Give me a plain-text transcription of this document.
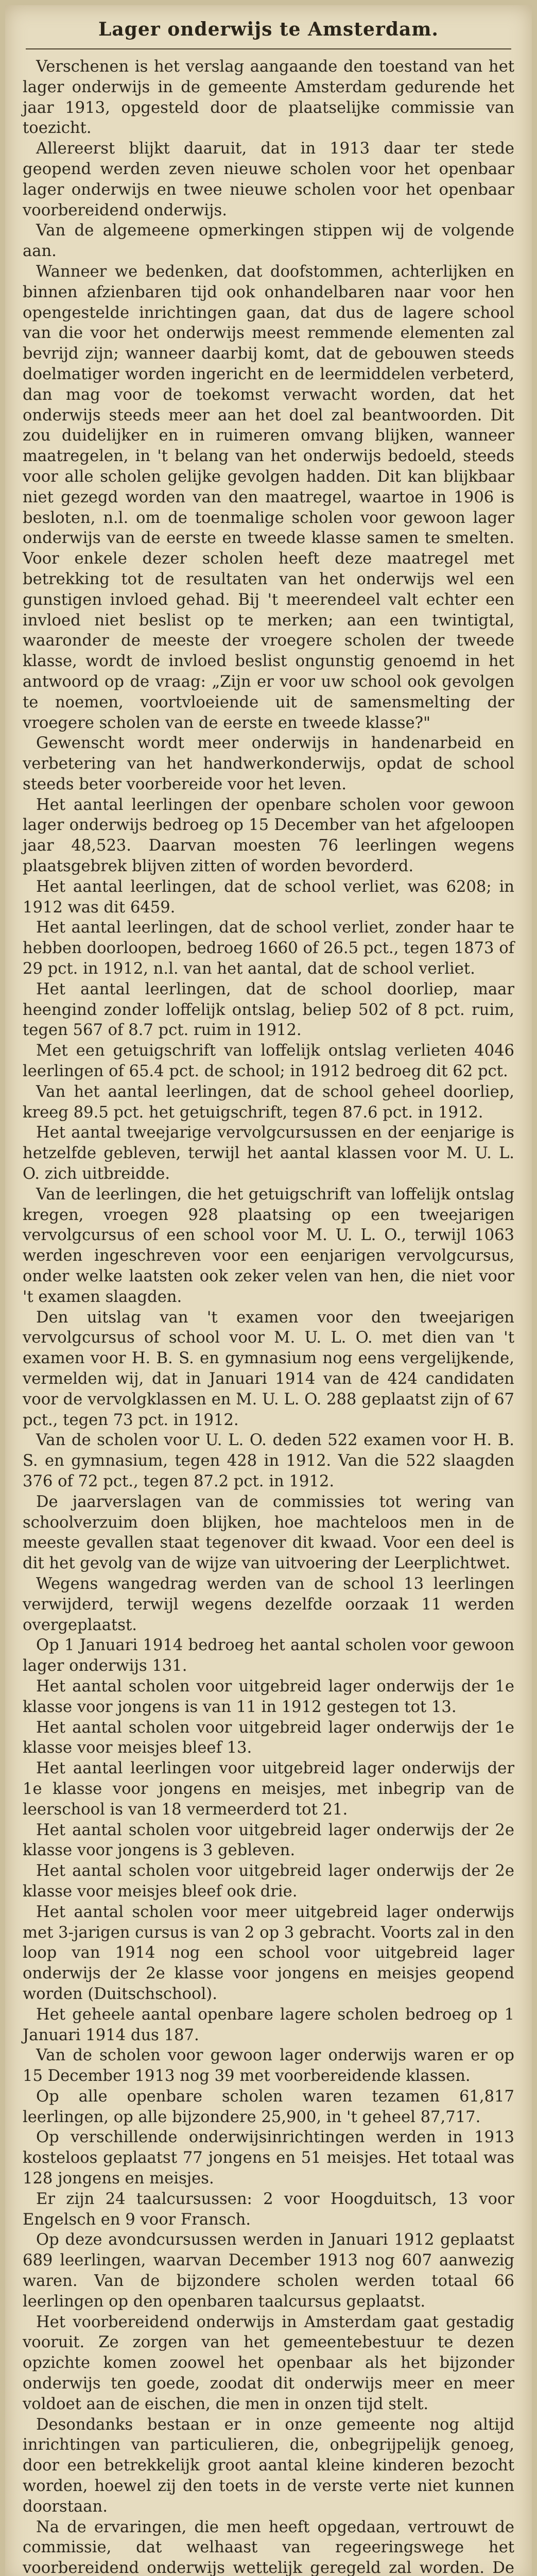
Lager onderwijs te Amsterdam.

Verschenen is het verslag aangaande den toestand van het lager onderwijs in de gemeente Amsterdam gedurende het jaar 1913, opgesteld door de plaatselijke commissie van toezicht.

Allereerst blijkt daaruit, dat in 1913 daar ter stede geopend werden zeven nieuwe scholen voor het openbaar lager onderwijs en twee nieuwe scholen voor het openbaar voorbereidend onderwijs.

Van de algemeene opmerkingen stippen wij de volgende aan.

Wanneer we bedenken, dat doofstommen, achterlijken en binnen afzienbaren tijd ook onhandelbaren naar voor hen opengestelde inrichtingen gaan, dat dus de lagere school van die voor het onderwijs meest remmende elementen zal bevrijd zijn; wanneer daarbij komt, dat de gebouwen steeds doelmatiger worden ingericht en de leermiddelen verbeterd, dan mag voor de toekomst verwacht worden, dat het onderwijs steeds meer aan het doel zal beantwoorden. Dit zou duidelijker en in ruimeren omvang blijken, wanneer maatregelen, in 't belang van het onderwijs bedoeld, steeds voor alle scholen gelijke gevolgen hadden. Dit kan blijkbaar niet gezegd worden van den maatregel, waartoe in 1906 is besloten, n.l. om de toenmalige scholen voor gewoon lager onderwijs van de eerste en tweede klasse samen te smelten. Voor enkele dezer scholen heeft deze maatregel met betrekking tot de resultaten van het onderwijs wel een gunstigen invloed gehad. Bij 't meerendeel valt echter een invloed niet beslist op te merken; aan een twintigtal, waaronder de meeste der vroegere scholen der tweede klasse, wordt de invloed beslist ongunstig genoemd in het antwoord op de vraag: „Zijn er voor uw school ook gevolgen te noemen, voortvloeiende uit de samensmelting der vroegere scholen van de eerste en tweede klasse?"

Gewenscht wordt meer onderwijs in handenarbeid en verbetering van het handwerkonderwijs, opdat de school steeds beter voorbereide voor het leven.

Het aantal leerlingen der openbare scholen voor gewoon lager onderwijs bedroeg op 15 December van het afgeloopen jaar 48,523. Daarvan moesten 76 leerlingen wegens plaatsgebrek blijven zitten of worden bevorderd.

Het aantal leerlingen, dat de school verliet, was 6208; in 1912 was dit 6459.

Het aantal leerlingen, dat de school verliet, zonder haar te hebben doorloopen, bedroeg 1660 of 26.5 pct., tegen 1873 of 29 pct. in 1912, n.l. van het aantal, dat de school verliet.

Het aantal leerlingen, dat de school doorliep, maar heengind zonder loffelijk ontslag, beliep 502 of 8 pct. ruim, tegen 567 of 8.7 pct. ruim in 1912.

Met een getuigschrift van loffelijk ontslag verlieten 4046 leerlingen of 65.4 pct. de school; in 1912 bedroeg dit 62 pct.

Van het aantal leerlingen, dat de school geheel doorliep, kreeg 89.5 pct. het getuigschrift, tegen 87.6 pct. in 1912.

Het aantal tweejarige vervolgcursussen en der eenjarige is hetzelfde gebleven, terwijl het aantal klassen voor M. U. L. O. zich uitbreidde.

Van de leerlingen, die het getuigschrift van loffelijk ontslag kregen, vroegen 928 plaatsing op een tweejarigen vervolgcursus of een school voor M. U. L. O., terwijl 1063 werden ingeschreven voor een eenjarigen vervolgcursus, onder welke laatsten ook zeker velen van hen, die niet voor 't examen slaagden.

Den uitslag van 't examen voor den tweejarigen vervolgcursus of school voor M. U. L. O. met dien van 't examen voor H. B. S. en gymnasium nog eens vergelijkende, vermelden wij, dat in Januari 1914 van de 424 candidaten voor de vervolgklassen en M. U. L. O. 288 geplaatst zijn of 67 pct., tegen 73 pct. in 1912.

Van de scholen voor U. L. O. deden 522 examen voor H. B. S. en gymnasium, tegen 428 in 1912. Van die 522 slaagden 376 of 72 pct., tegen 87.2 pct. in 1912.

De jaarverslagen van de commissies tot wering van schoolverzuim doen blijken, hoe machteloos men in de meeste gevallen staat tegenover dit kwaad. Voor een deel is dit het gevolg van de wijze van uitvoering der Leerplichtwet.

Wegens wangedrag werden van de school 13 leerlingen verwijderd, terwijl wegens dezelfde oorzaak 11 werden overgeplaatst.

Op 1 Januari 1914 bedroeg het aantal scholen voor gewoon lager onderwijs 131.

Het aantal scholen voor uitgebreid lager onderwijs der 1e klasse voor jongens is van 11 in 1912 gestegen tot 13.

Het aantal scholen voor uitgebreid lager onderwijs der 1e klasse voor meisjes bleef 13.

Het aantal leerlingen voor uitgebreid lager onderwijs der 1e klasse voor jongens en meisjes, met inbegrip van de leerschool is van 18 vermeerderd tot 21.

Het aantal scholen voor uitgebreid lager onderwijs der 2e klasse voor jongens is 3 gebleven.

Het aantal scholen voor uitgebreid lager onderwijs der 2e klasse voor meisjes bleef ook drie.

Het aantal scholen voor meer uitgebreid lager onderwijs met 3-jarigen cursus is van 2 op 3 gebracht. Voorts zal in den loop van 1914 nog een school voor uitgebreid lager onderwijs der 2e klasse voor jongens en meisjes geopend worden (Duitschschool).

Het geheele aantal openbare lagere scholen bedroeg op 1 Januari 1914 dus 187.

Van de scholen voor gewoon lager onderwijs waren er op 15 December 1913 nog 39 met voorbereidende klassen.

Op alle openbare scholen waren tezamen 61,817 leerlingen, op alle bijzondere 25,900, in 't geheel 87,717.

Op verschillende onderwijsinrichtingen werden in 1913 kosteloos geplaatst 77 jongens en 51 meisjes. Het totaal was 128 jongens en meisjes.

Er zijn 24 taalcursussen: 2 voor Hoogduitsch, 13 voor Engelsch en 9 voor Fransch.

Op deze avondcursussen werden in Januari 1912 geplaatst 689 leerlingen, waarvan December 1913 nog 607 aanwezig waren. Van de bijzondere scholen werden totaal 66 leerlingen op den openbaren taalcursus geplaatst.

Het voorbereidend onderwijs in Amsterdam gaat gestadig vooruit. Ze zorgen van het gemeentebestuur te dezen opzichte komen zoowel het openbaar als het bijzonder onderwijs ten goede, zoodat dit onderwijs meer en meer voldoet aan de eischen, die men in onzen tijd stelt.

Desondanks bestaan er in onze gemeente nog altijd inrichtingen van particulieren, die, onbegrijpelijk genoeg, door een betrekkelijk groot aantal kleine kinderen bezocht worden, hoewel zij den toets in de verste verte niet kunnen doorstaan.

Na de ervaringen, die men heeft opgedaan, vertrouwt de commissie, dat welhaast van regeeringswege het voorbereidend onderwijs wettelijk geregeld zal worden. De
